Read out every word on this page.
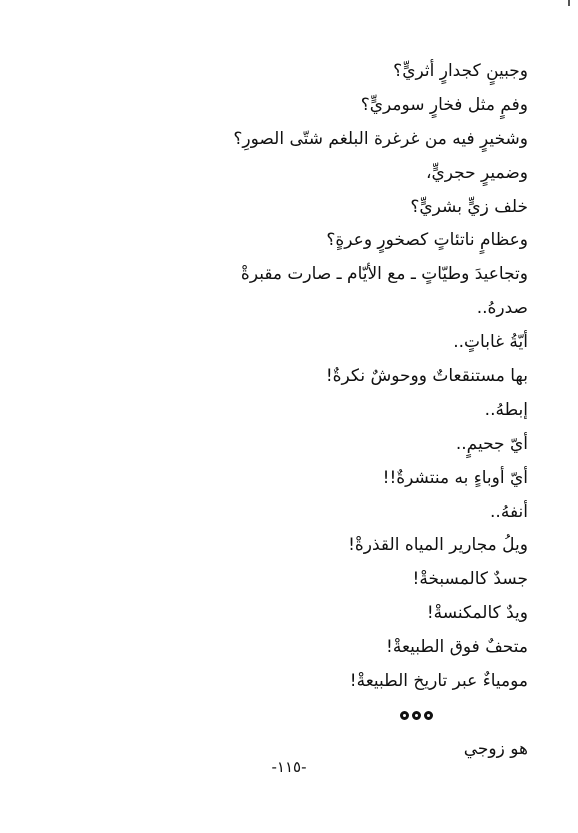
وجبينٍ كجدارٍ أثريٍّ؟
وفمٍ مثل فخارٍ سومريٍّ؟
وشخيرٍ فيه من غرغرة البلغم شتّى الصورِ؟
وضميرٍ حجريٍّ،
خلف زيٍّ بشريٍّ؟
وعظامٍ ناتئاتٍ كصخورٍ وعرةٍ؟
وتجاعيدَ وطيّاتٍ ـ مع الأيّام ـ صارت مقبرةْ
صدرهُ..
أيّةُ غاباتٍ..
بها مستنقعاتٌ ووحوشٌ نكرةٌ!
إبطهُ..
أيّ جحيمٍ..
أيّ أوباءٍ به منتشرةٌ!!
أنفهُ..
ويلُ مجارير المياه القذرةْ!
جسدٌ كالمسبخةْ!
ويدٌ كالمكنسةْ!
متحفٌ فوق الطبيعةْ!
مومياءٌ عبر تاريخ الطبيعةْ!
هو زوجي
-١١٥-
